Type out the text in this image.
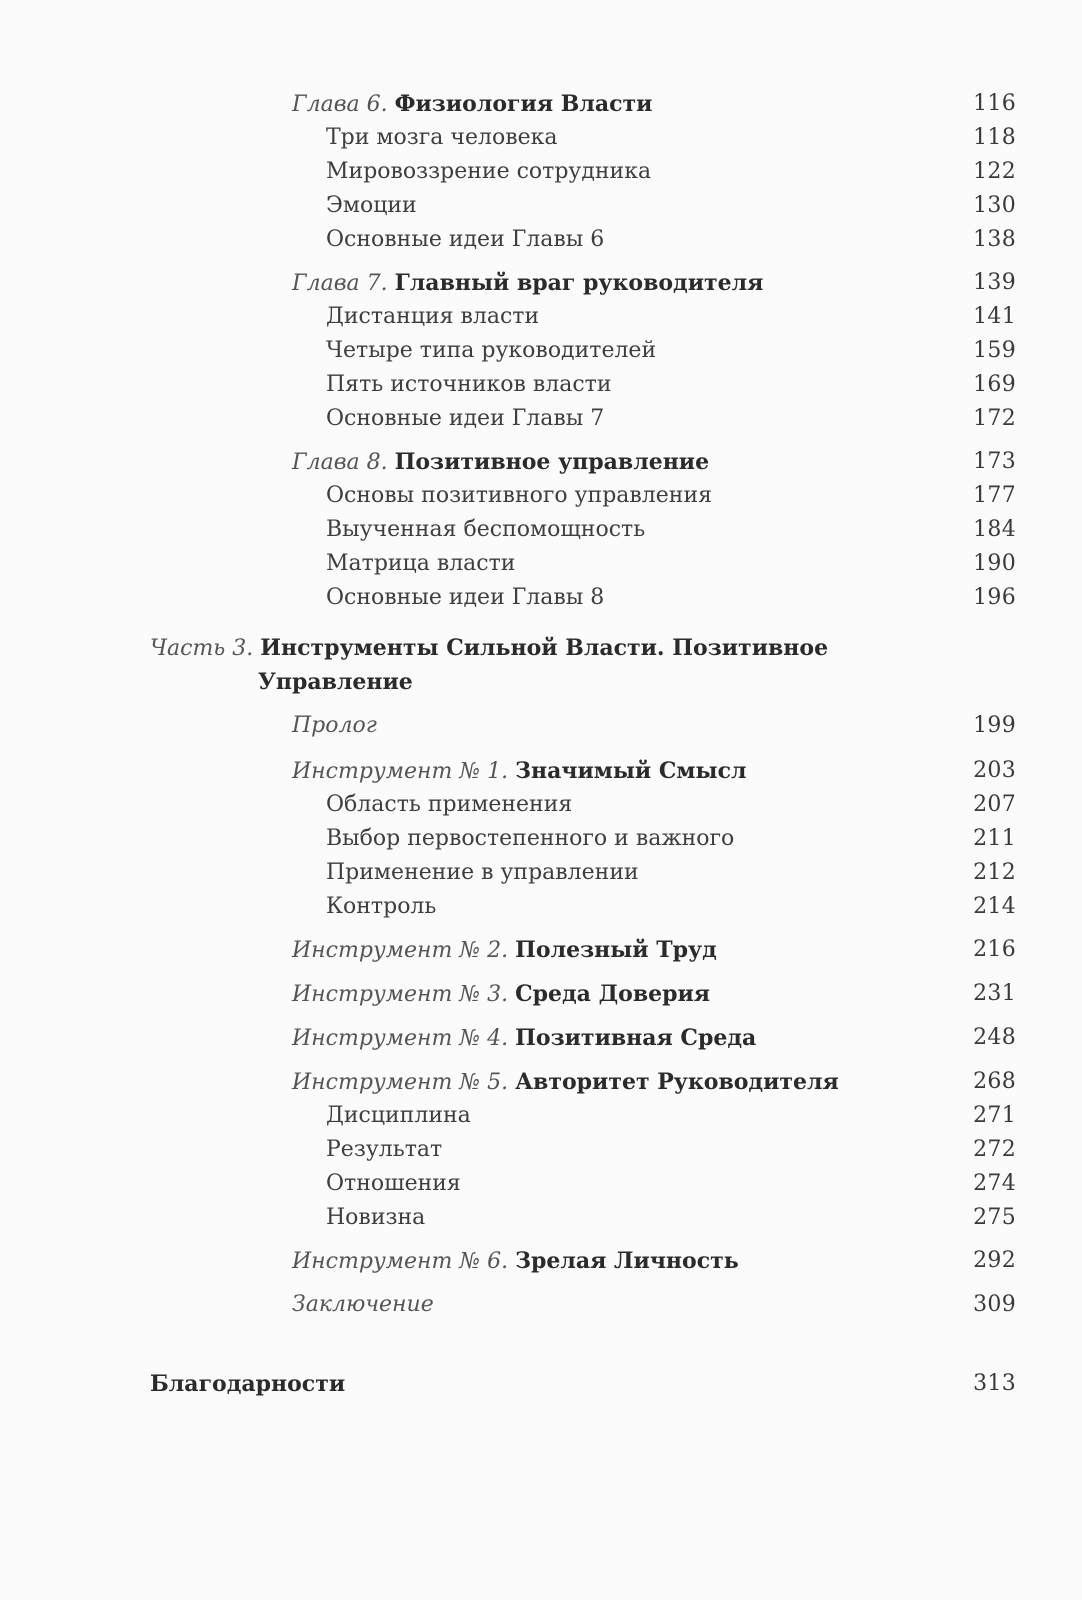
Глава 6. Физиология Власти	116
Три мозга человека	118
Мировоззрение сотрудника	122
Эмоции	130
Основные идеи Главы 6	138
Глава 7. Главный враг руководителя	139
Дистанция власти	141
Четыре типа руководителей	159
Пять источников власти	169
Основные идеи Главы 7	172
Глава 8. Позитивное управление	173
Основы позитивного управления	177
Выученная беспомощность	184
Матрица власти	190
Основные идеи Главы 8	196
Часть 3. Инструменты Сильной Власти. Позитивное
Управление
Пролог	199
Инструмент № 1. Значимый Смысл	203
Область применения	207
Выбор первостепенного и важного	211
Применение в управлении	212
Контроль	214
Инструмент № 2. Полезный Труд	216
Инструмент № 3. Среда Доверия	231
Инструмент № 4. Позитивная Среда	248
Инструмент № 5. Авторитет Руководителя	268
Дисциплина	271
Результат	272
Отношения	274
Новизна	275
Инструмент № 6. Зрелая Личность	292
Заключение	309
Благодарности	313
